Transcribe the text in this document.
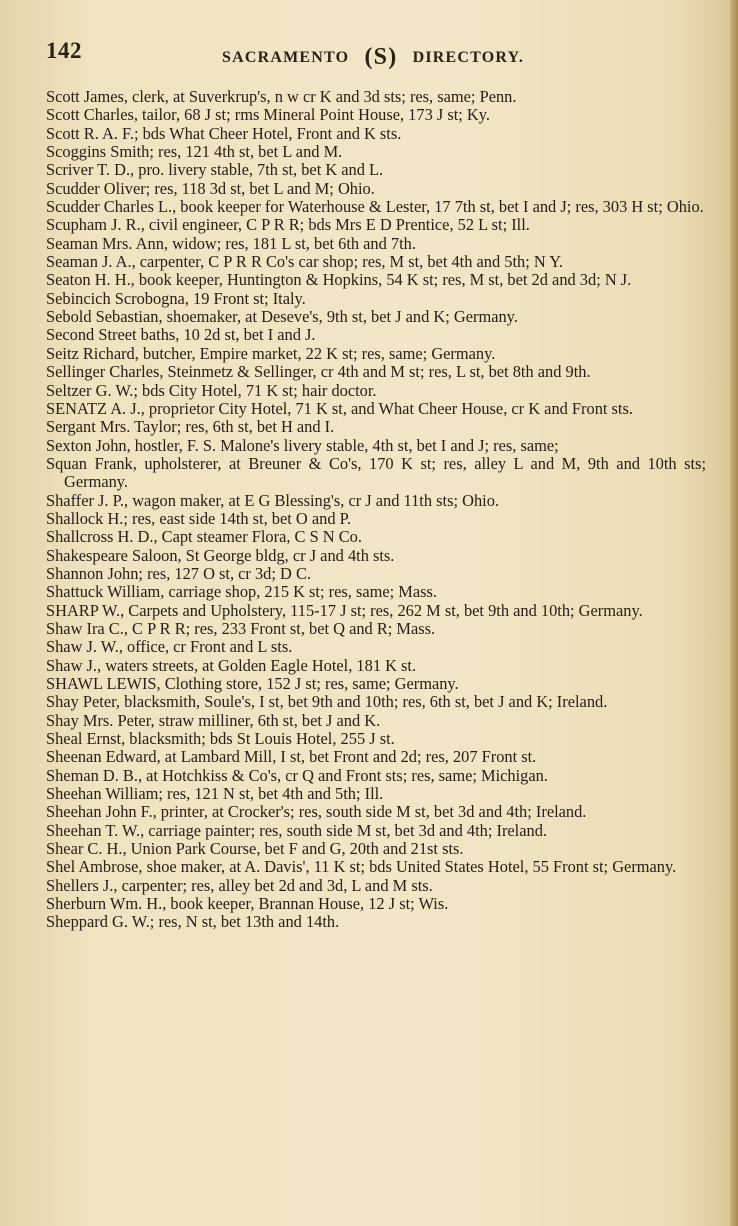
142	SACRAMENTO (S) DIRECTORY.

Scott James, clerk, at Suverkrup's, n w cr K and 3d sts; res, same; Penn.

Scott Charles, tailor, 68 J st; rms Mineral Point House, 173 J st; Ky.

Scott R. A. F.; bds What Cheer Hotel, Front and K sts.

Scoggins Smith; res, 121 4th st, bet L and M.

Scriver T. D., pro. livery stable, 7th st, bet K and L.

Scudder Oliver; res, 118 3d st, bet L and M; Ohio.

Scudder Charles L., book keeper for Waterhouse & Lester, 17 7th st, bet I and J; res, 303 H st; Ohio.

Scupham J. R., civil engineer, C P R R; bds Mrs E D Prentice, 52 L st; Ill.

Seaman Mrs. Ann, widow; res, 181 L st, bet 6th and 7th.

Seaman J. A., carpenter, C P R R Co's car shop; res, M st, bet 4th and 5th; N Y.

Seaton H. H., book keeper, Huntington & Hopkins, 54 K st; res, M st, bet 2d and 3d; N J.

Sebincich Scrobogna, 19 Front st; Italy.

Sebold Sebastian, shoemaker, at Deseve's, 9th st, bet J and K; Germany.

Second Street baths, 10 2d st, bet I and J.

Seitz Richard, butcher, Empire market, 22 K st; res, same; Germany.

Sellinger Charles, Steinmetz & Sellinger, cr 4th and M st; res, L st, bet 8th and 9th.

Seltzer G. W.; bds City Hotel, 71 K st; hair doctor.

SENATZ A. J., proprietor City Hotel, 71 K st, and What Cheer House, cr K and Front sts.

Sergant Mrs. Taylor; res, 6th st, bet H and I.

Sexton John, hostler, F. S. Malone's livery stable, 4th st, bet I and J; res, same;

Squan Frank, upholsterer, at Breuner & Co's, 170 K st; res, alley L and M, 9th and 10th sts; Germany.

Shaffer J. P., wagon maker, at E G Blessing's, cr J and 11th sts; Ohio.

Shallock H.; res, east side 14th st, bet O and P.

Shallcross H. D., Capt steamer Flora, C S N Co.

Shakespeare Saloon, St George bldg, cr J and 4th sts.

Shannon John; res, 127 O st, cr 3d; D C.

Shattuck William, carriage shop, 215 K st; res, same; Mass.

SHARP W., Carpets and Upholstery, 115-17 J st; res, 262 M st, bet 9th and 10th; Germany.

Shaw Ira C., C P R R; res, 233 Front st, bet Q and R; Mass.

Shaw J. W., office, cr Front and L sts.

Shaw J., waters streets, at Golden Eagle Hotel, 181 K st.

SHAWL LEWIS, Clothing store, 152 J st; res, same; Germany.

Shay Peter, blacksmith, Soule's, I st, bet 9th and 10th; res, 6th st, bet J and K; Ireland.

Shay Mrs. Peter, straw milliner, 6th st, bet J and K.

Sheal Ernst, blacksmith; bds St Louis Hotel, 255 J st.

Sheenan Edward, at Lambard Mill, I st, bet Front and 2d; res, 207 Front st.

Sheman D. B., at Hotchkiss & Co's, cr Q and Front sts; res, same; Michigan.

Sheehan William; res, 121 N st, bet 4th and 5th; Ill.

Sheehan John F., printer, at Crocker's; res, south side M st, bet 3d and 4th; Ireland.

Sheehan T. W., carriage painter; res, south side M st, bet 3d and 4th; Ireland.

Shear C. H., Union Park Course, bet F and G, 20th and 21st sts.

Shel Ambrose, shoe maker, at A. Davis', 11 K st; bds United States Hotel, 55 Front st; Germany.

Shellers J., carpenter; res, alley bet 2d and 3d, L and M sts.

Sherburn Wm. H., book keeper, Brannan House, 12 J st; Wis.

Sheppard G. W.; res, N st, bet 13th and 14th.
